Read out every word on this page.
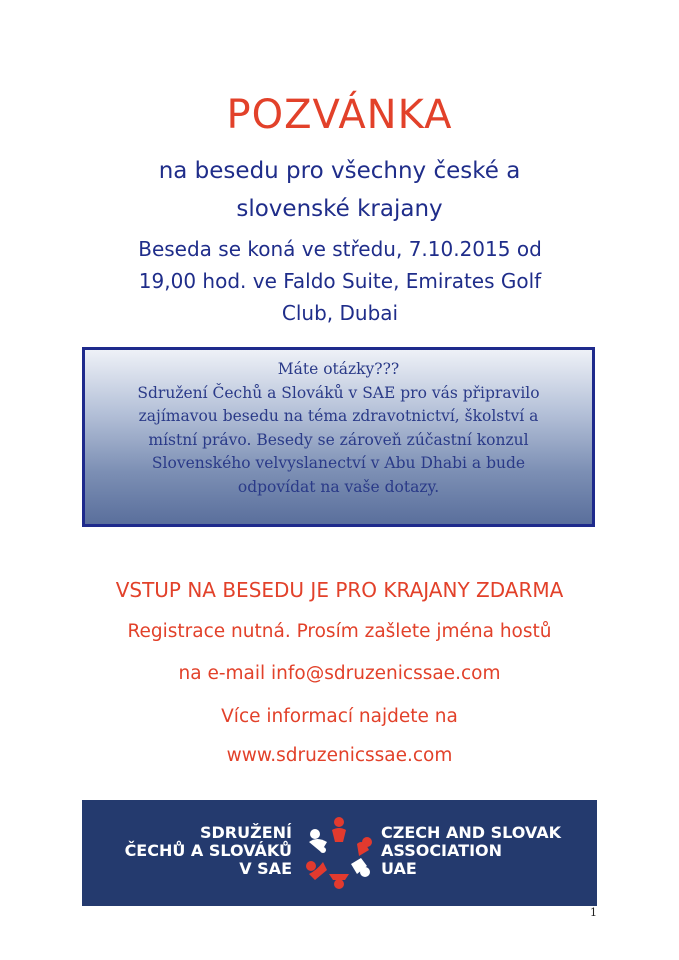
POZVÁNKA
na besedu pro všechny české a
slovenské krajany
Beseda se koná ve středu, 7.10.2015 od
19,00 hod. ve Faldo Suite, Emirates Golf
Club, Dubai
Máte otázky???
Sdružení Čechů a Slováků v SAE pro vás připravilo
zajímavou besedu na téma zdravotnictví, školství a
místní právo. Besedy se zároveň zúčastní konzul
Slovenského velvyslanectví v Abu Dhabi a bude
odpovídat na vaše dotazy.
VSTUP NA BESEDU JE PRO KRAJANY ZDARMA
Registrace nutná. Prosím zašlete jména hostů
na e-mail info@sdruzenicssae.com
Více informací najdete na
www.sdruzenicssae.com
SDRUŽENÍ
ČECHŮ A SLOVÁKŮ
V SAE
CZECH AND SLOVAK
ASSOCIATION
UAE
1
